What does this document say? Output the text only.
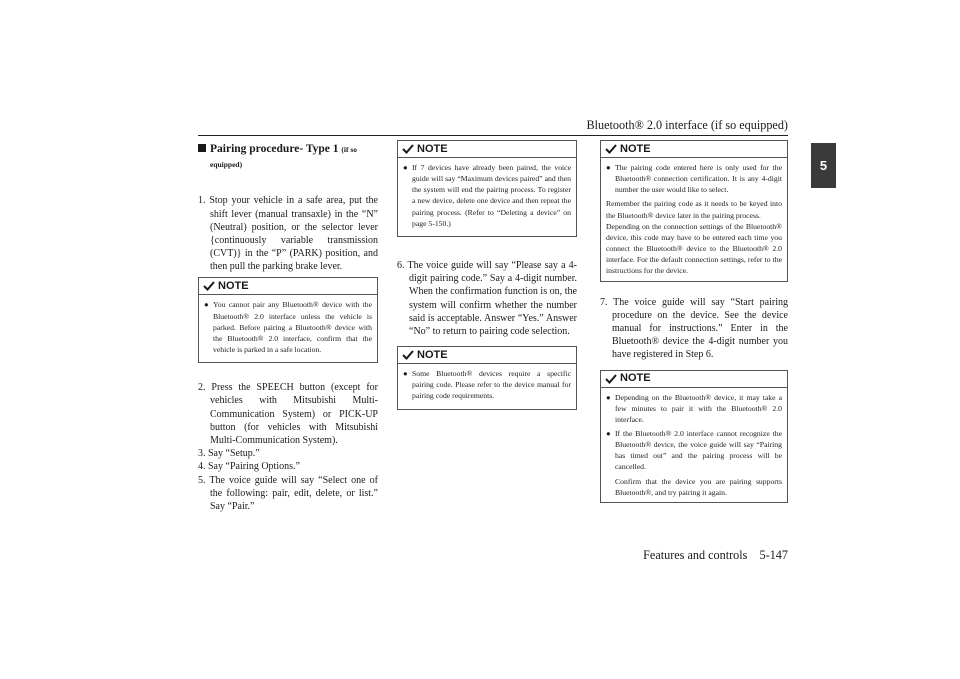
Bluetooth® 2.0 interface (if so equipped)
5
Pairing procedure- Type 1 (if so equipped)

1. Stop your vehicle in a safe area, put the shift lever (manual transaxle) in the “N” (Neutral) position, or the selector lever {continuously variable transmission (CVT)} in the “P” (PARK) position, and then pull the parking brake lever.

NOTE

● You cannot pair any Bluetooth® device with the Bluetooth® 2.0 interface unless the vehicle is parked. Before pairing a Bluetooth® device with the Bluetooth® 2.0 interface, confirm that the vehicle is parked in a safe location.

2. Press the SPEECH button (except for vehicles with Mitsubishi Multi-Communication System) or PICK-UP button (for vehicles with Mitsubishi Multi-Communication System).

3. Say “Setup.”

4. Say “Pairing Options.”

5. The voice guide will say “Select one of the following: pair, edit, delete, or list.” Say “Pair.”

NOTE

● If 7 devices have already been paired, the voice guide will say “Maximum devices paired” and then the system will end the pairing process. To register a new device, delete one device and then repeat the pairing process. (Refer to “Deleting a device” on page 5-150.)

6. The voice guide will say “Please say a 4-digit pairing code.” Say a 4-digit number. When the confirmation function is on, the system will confirm whether the number said is acceptable. Answer “Yes.” Answer “No” to return to pairing code selection.

NOTE

● Some Bluetooth® devices require a specific pairing code. Please refer to the device manual for pairing code requirements.

NOTE

● The pairing code entered here is only used for the Bluetooth® connection certification. It is any 4-digit number the user would like to select.

Remember the pairing code as it needs to be keyed into the Bluetooth® device later in the pairing process.

Depending on the connection settings of the Bluetooth® device, this code may have to be entered each time you connect the Bluetooth® device to the Bluetooth® 2.0 interface. For the default connection settings, refer to the instructions for the device.

7. The voice guide will say “Start pairing procedure on the device. See the device manual for instructions.” Enter in the Bluetooth® device the 4-digit number you have registered in Step 6.

NOTE

● Depending on the Bluetooth® device, it may take a few minutes to pair it with the Bluetooth® 2.0 interface.

● If the Bluetooth® 2.0 interface cannot recognize the Bluetooth® device, the voice guide will say “Pairing has timed out” and the pairing process will be cancelled.

Confirm that the device you are pairing supports Bluetooth®, and try pairing it again.

Features and controls    5-147
